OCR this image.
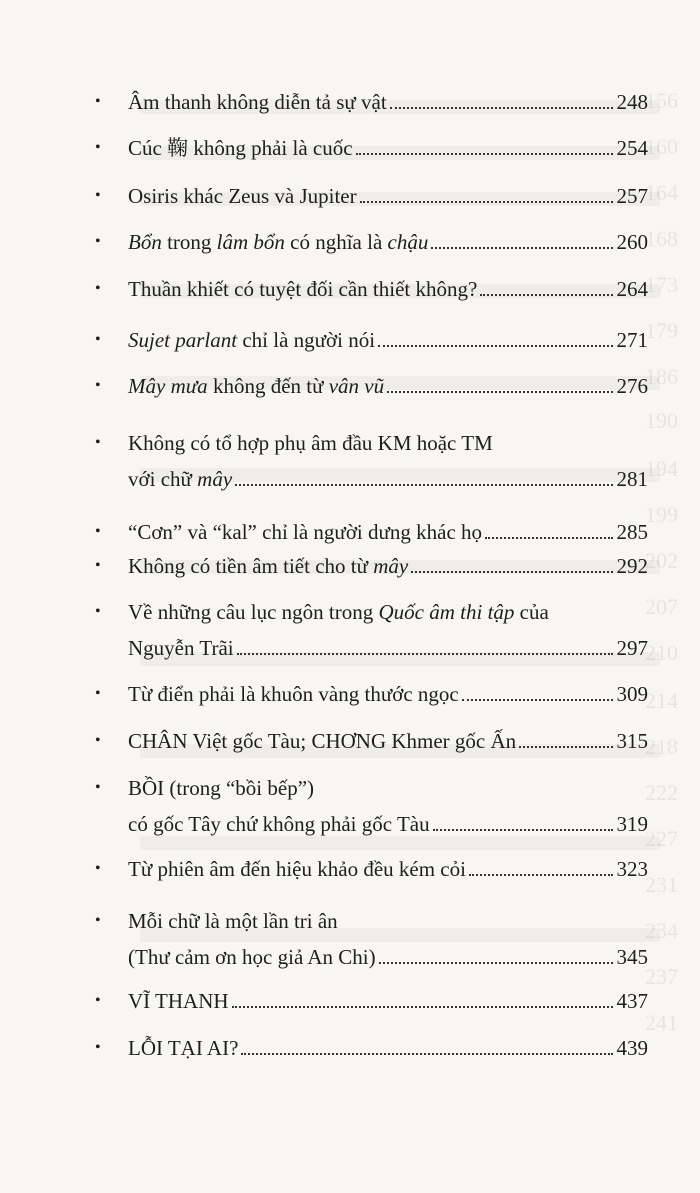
156
160
164
168
173
179
186
190
194
199
202
207
210
214
218
222
227
231
234
237
241
•	Âm thanh không diễn tả sự vật	248
•	Cúc 鞠 không phải là cuốc	254
•	Osiris khác Zeus và Jupiter	257
•	Bổn trong lâm bổn có nghĩa là chậu	260
•	Thuần khiết có tuyệt đối cần thiết không?	264
•	Sujet parlant chỉ là người nói	271
•	Mây mưa không đến từ vân vũ	276
•	Không có tổ hợp phụ âm đầu KM hoặc TM
với chữ mây	281
•	“Cơn” và “kal” chỉ là người dưng khác họ	285
•	Không có tiền âm tiết cho từ mây	292
•	Về những câu lục ngôn trong Quốc âm thi tập của
Nguyễn Trãi	297
•	Từ điển phải là khuôn vàng thước ngọc	309
•	CHÂN Việt gốc Tàu; CHƠNG Khmer gốc Ấn	315
•	BỒI (trong “bồi bếp”)
có gốc Tây chứ không phải gốc Tàu	319
•	Từ phiên âm đến hiệu khảo đều kém cỏi	323
•	Mỗi chữ là một lần tri ân
(Thư cảm ơn học giả An Chi)	345
•	VĨ THANH	437
•	LỖI TẠI AI?	439
